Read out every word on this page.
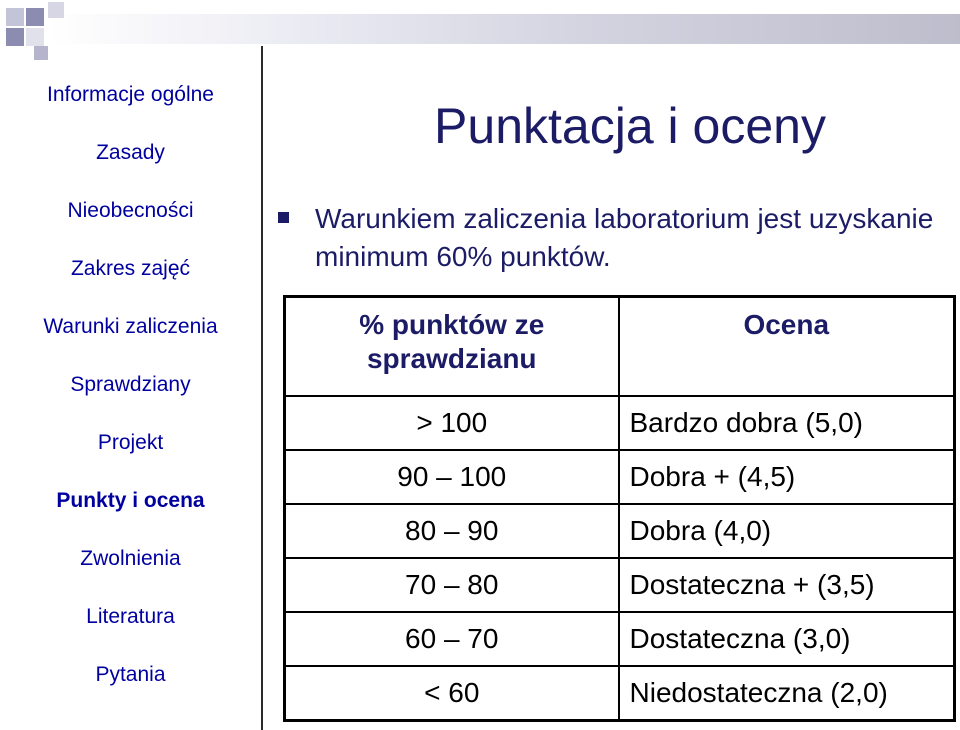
Informacje ogólne
Zasady
Nieobecności
Zakres zajęć
Warunki zaliczenia
Sprawdziany
Projekt
Punkty i ocena
Zwolnienia
Literatura
Pytania
Punktacja i oceny
Warunkiem zaliczenia laboratorium jest uzyskanie minimum 60% punktów.
% punktów ze sprawdzianu	Ocena
> 100	Bardzo dobra (5,0)
90 – 100	Dobra + (4,5)
80 – 90	Dobra (4,0)
70 – 80	Dostateczna + (3,5)
60 – 70	Dostateczna (3,0)
< 60	Niedostateczna (2,0)
